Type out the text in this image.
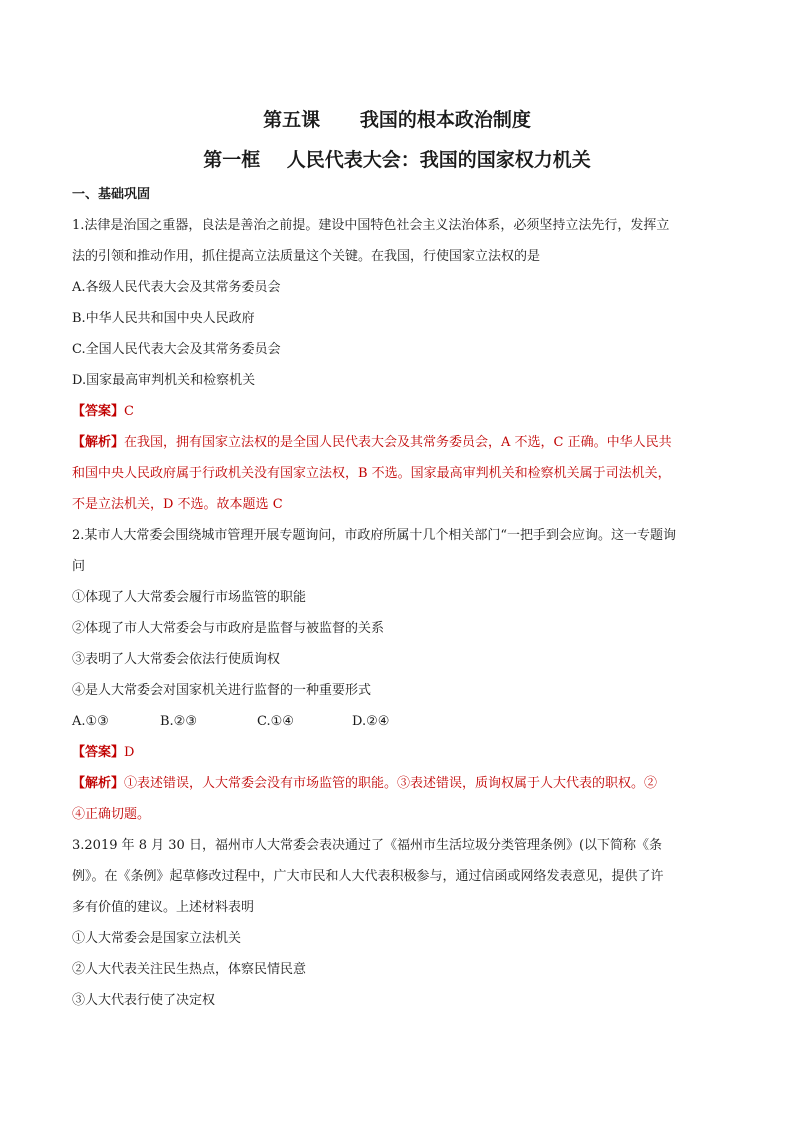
第五课      我国的根本政治制度

第一框    人民代表大会：我国的国家权力机关

一、基础巩固

1.法律是治国之重器，良法是善治之前提。建设中国特色社会主义法治体系，必须坚持立法先行，发挥立

法的引领和推动作用，抓住提高立法质量这个关键。在我国，行使国家立法权的是

A.各级人民代表大会及其常务委员会

B.中华人民共和国中央人民政府

C.全国人民代表大会及其常务委员会

D.国家最高审判机关和检察机关

【答案】C

【解析】在我国，拥有国家立法权的是全国人民代表大会及其常务委员会，A 不选，C 正确。中华人民共

和国中央人民政府属于行政机关没有国家立法权，B 不选。国家最高审判机关和检察机关属于司法机关，

不是立法机关，D 不选。故本题选 C

2.某市人大常委会围绕城市管理开展专题询问，市政府所属十几个相关部门“一把手到会应询。这一专题询

问

①体现了人大常委会履行市场监管的职能

②体现了市人大常委会与市政府是监督与被监督的关系

③表明了人大常委会依法行使质询权

④是人大常委会对国家机关进行监督的一种重要形式

A.①③	B.②③	C.①④	D.②④

【答案】D

【解析】①表述错误，人大常委会没有市场监管的职能。③表述错误，质询权属于人大代表的职权。②

④正确切题。

3.2019 年 8 月 30 日，福州市人大常委会表决通过了《福州市生活垃圾分类管理条例》(以下简称《条

例》。在《条例》起草修改过程中，广大市民和人大代表积极参与，通过信函或网络发表意见，提供了许

多有价值的建议。上述材料表明

①人大常委会是国家立法机关

②人大代表关注民生热点，体察民情民意

③人大代表行使了决定权
